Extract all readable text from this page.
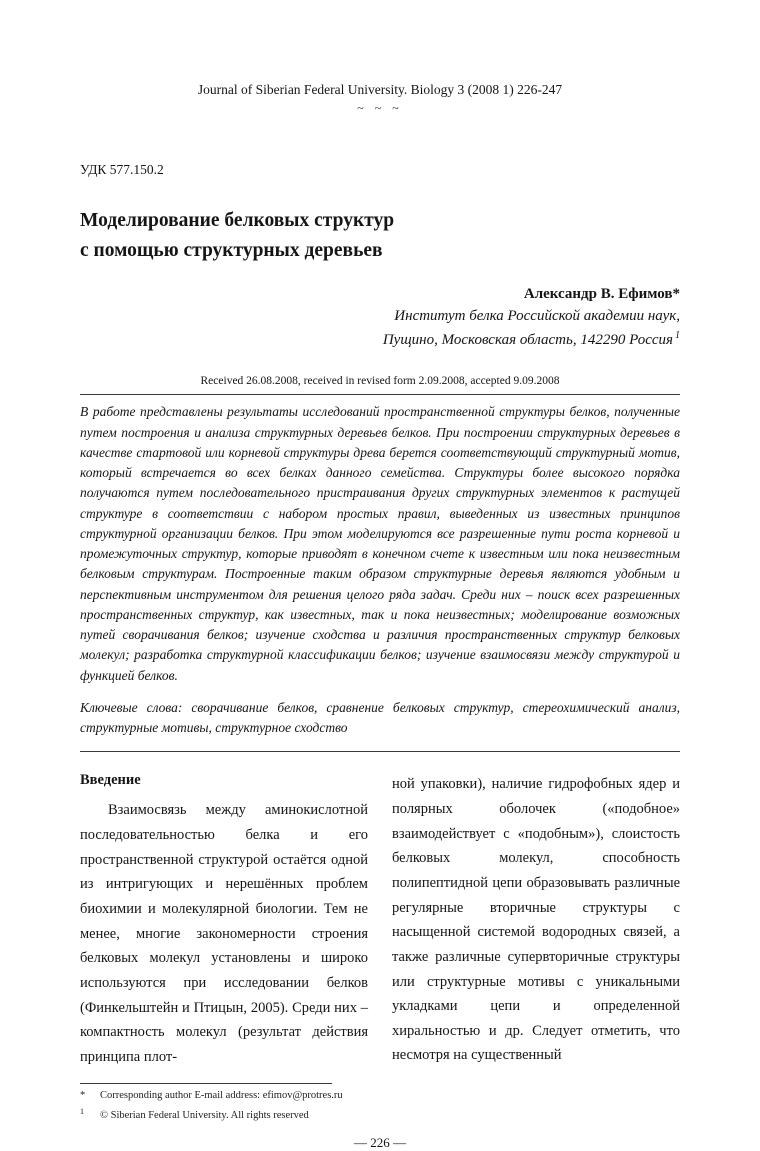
Journal of Siberian Federal University. Biology 3 (2008 1) 226-247
~ ~ ~
УДК 577.150.2
Моделирование белковых структур
с помощью структурных деревьев
Александр В. Ефимов*
Институт белка Российской академии наук,
Пущино, Московская область, 142290 Россия $^1$
Received 26.08.2008, received in revised form 2.09.2008, accepted 9.09.2008
В работе представлены результаты исследований пространственной структуры белков, полученные путем построения и анализа структурных деревьев белков. При построении структурных деревьев в качестве стартовой или корневой структуры древа берется соответствующий структурный мотив, который встречается во всех белках данного семейства. Структуры более высокого порядка получаются путем последовательного пристраивания других структурных элементов к растущей структуре в соответствии с набором простых правил, выведенных из известных принципов структурной организации белков. При этом моделируются все разрешенные пути роста корневой и промежуточных структур, которые приводят в конечном счете к известным или пока неизвестным белковым структурам. Построенные таким образом структурные деревья являются удобным и перспективным инструментом для решения целого ряда задач. Среди них – поиск всех разрешенных пространственных структур, как известных, так и пока неизвестных; моделирование возможных путей сворачивания белков; изучение сходства и различия пространственных структур белковых молекул; разработка структурной классификации белков; изучение взаимосвязи между структурой и функцией белков.
Ключевые слова: сворачивание белков, сравнение белковых структур, стереохимический анализ, структурные мотивы, структурное сходство
Введение

Взаимосвязь между аминокислотной последовательностью белка и его пространственной структурой остаётся одной из интригующих и нерешённых проблем биохимии и молекулярной биологии. Тем не менее, многие закономерности строения белковых молекул установлены и широко используются при исследовании белков (Финкельштейн и Птицын, 2005). Среди них – компактность молекул (результат действия принципа плот-

ной упаковки), наличие гидрофобных ядер и полярных оболочек («подобное» взаимодействует с «подобным»), слоистость белковых молекул, способность полипептидной цепи образовывать различные регулярные вторичные структуры с насыщенной системой водородных связей, а также различные супервторичные структуры или структурные мотивы с уникальными укладками цепи и определенной хиральностью и др. Следует отметить, что несмотря на существенный

*	Corresponding author E-mail address: efimov@protres.ru
1	© Siberian Federal University. All rights reserved
— 226 —
